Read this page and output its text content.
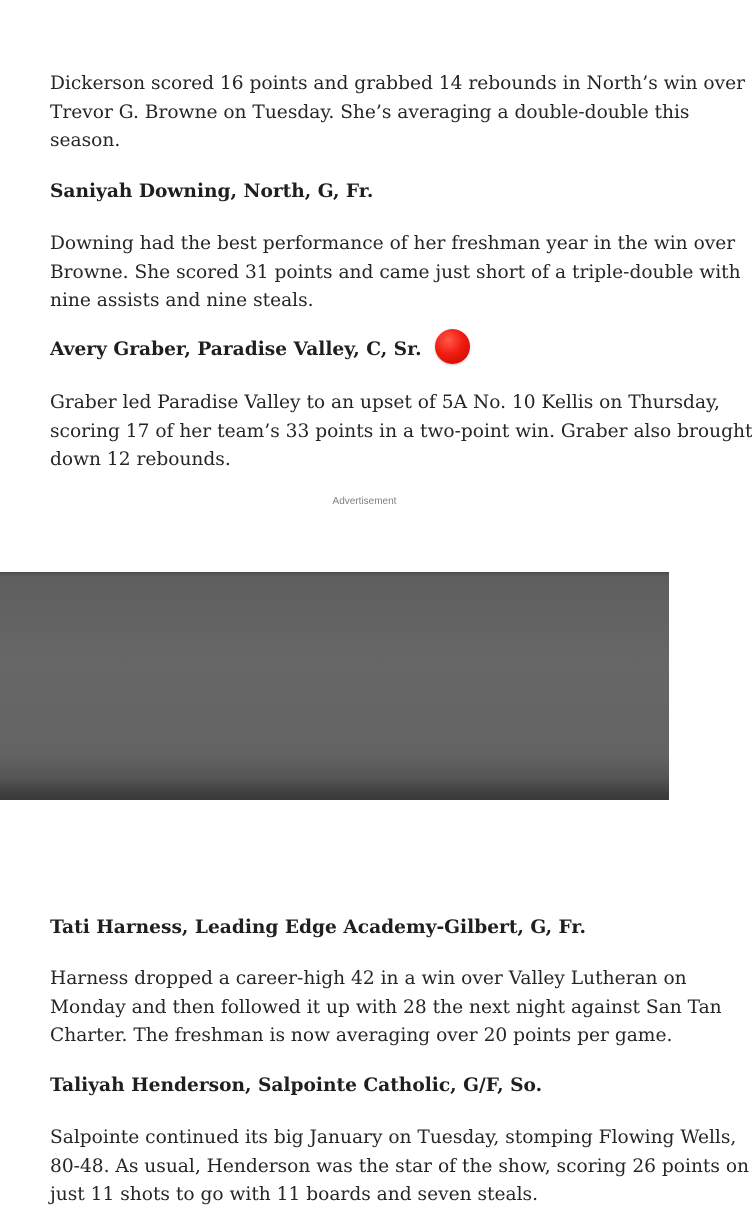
Dickerson scored 16 points and grabbed 14 rebounds in North’s win over
Trevor G. Browne on Tuesday. She’s averaging a double-double this
season.
Saniyah Downing, North, G, Fr.
Downing had the best performance of her freshman year in the win over
Browne. She scored 31 points and came just short of a triple-double with
nine assists and nine steals.
Avery Graber, Paradise Valley, C, Sr.
Graber led Paradise Valley to an upset of 5A No. 10 Kellis on Thursday,
scoring 17 of her team’s 33 points in a two-point win. Graber also brought
down 12 rebounds.
Advertisement
Tati Harness, Leading Edge Academy-Gilbert, G, Fr.
Harness dropped a career-high 42 in a win over Valley Lutheran on
Monday and then followed it up with 28 the next night against San Tan
Charter. The freshman is now averaging over 20 points per game.
Taliyah Henderson, Salpointe Catholic, G/F, So.
Salpointe continued its big January on Tuesday, stomping Flowing Wells,
80-48. As usual, Henderson was the star of the show, scoring 26 points on
just 11 shots to go with 11 boards and seven steals.
